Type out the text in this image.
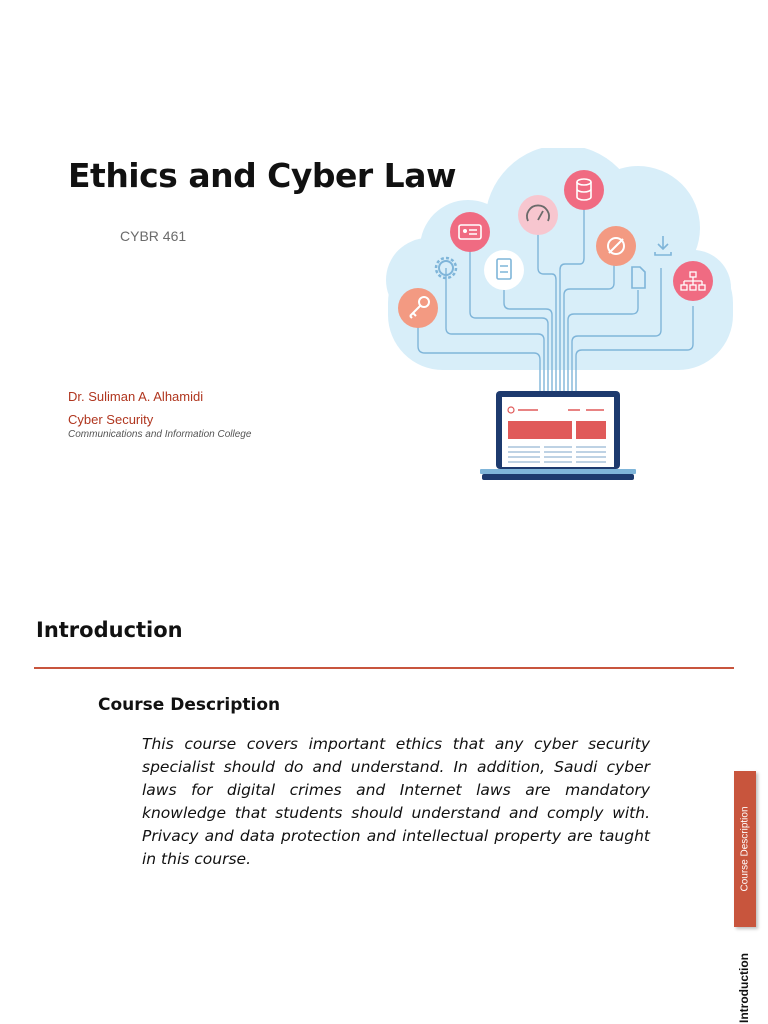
Ethics and Cyber Law
CYBR 461
Dr. Suliman A. Alhamidi
Cyber Security
Communications and Information College
Introduction
Course Description

This course covers important ethics that any cyber security specialist should do and understand. In addition, Saudi cyber laws for digital crimes and Internet laws are mandatory knowledge that students should understand and comply with. Privacy and data protection and intellectual property are taught in this course.	Course Description
Introduction
